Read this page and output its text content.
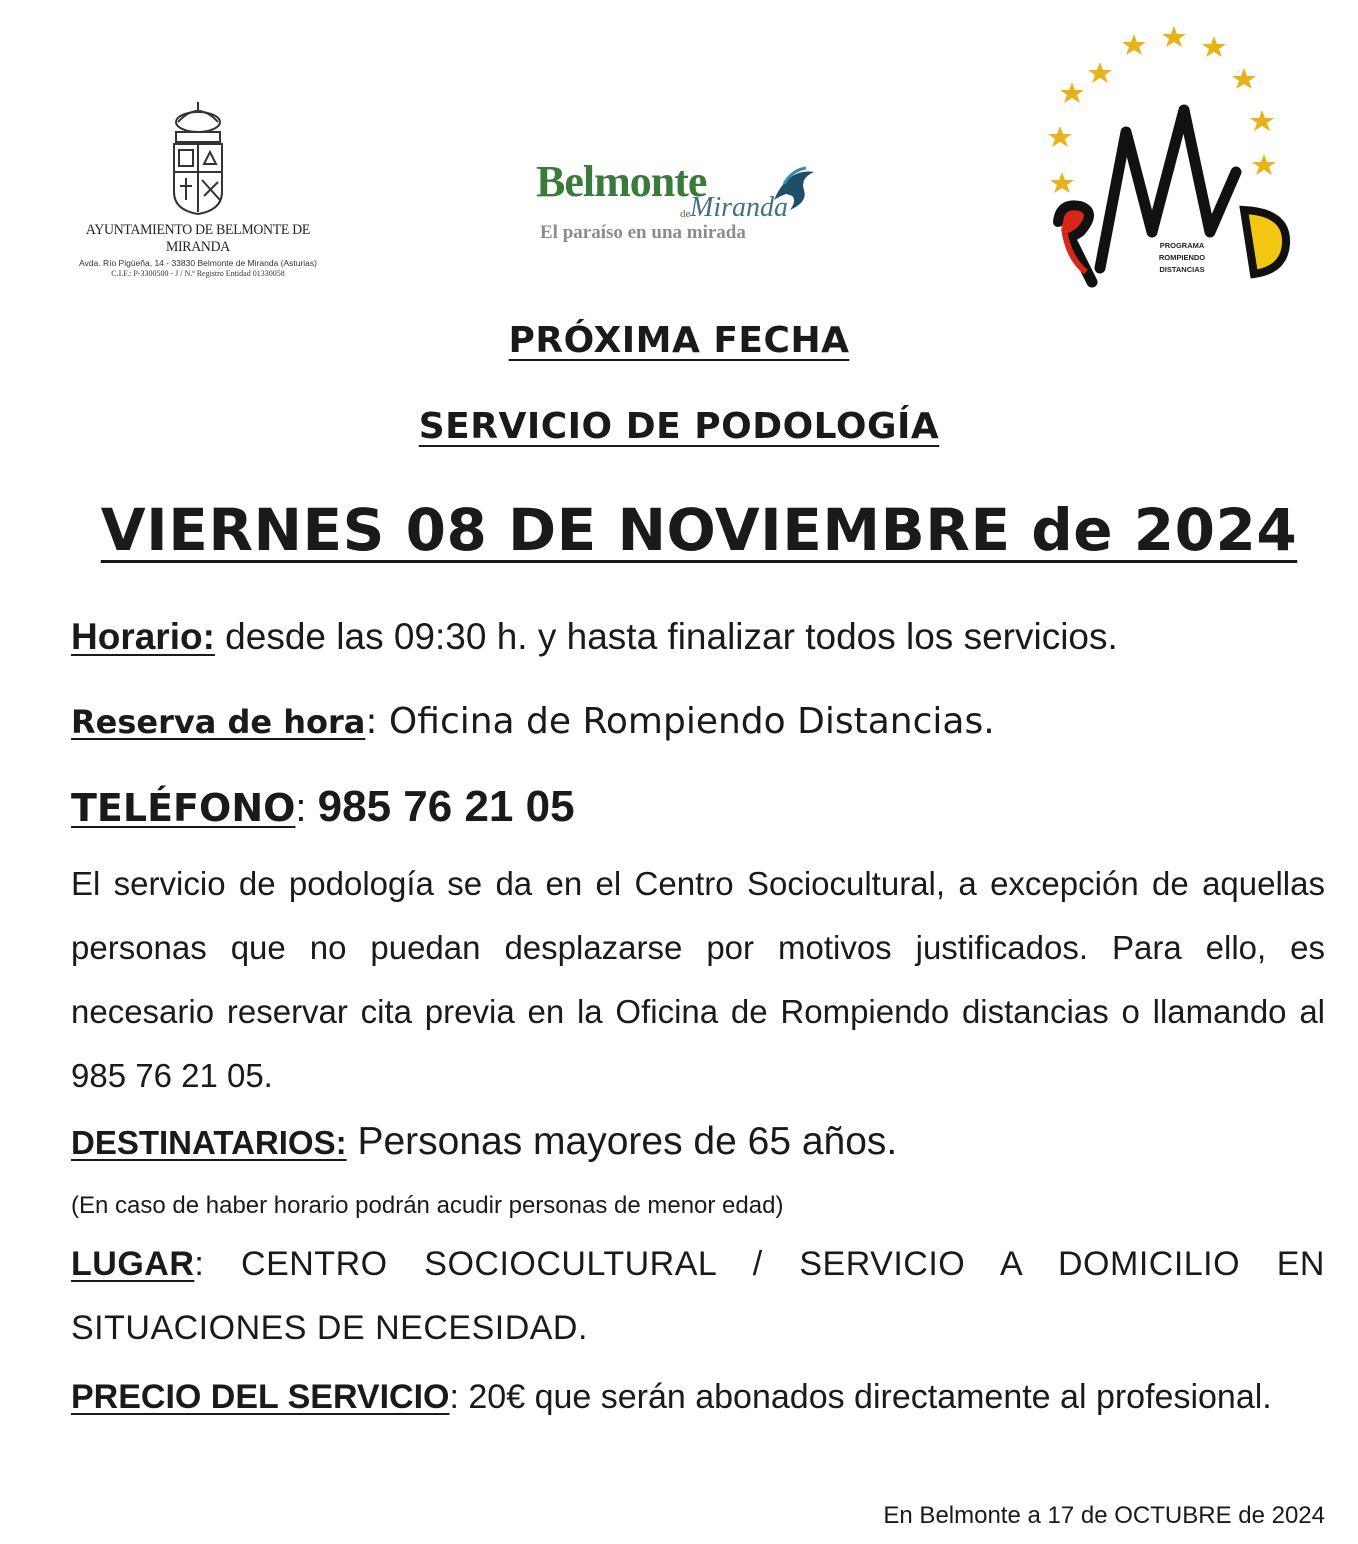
AYUNTAMIENTO DE BELMONTE DE MIRANDA
Avda. Río Pigüeña, 14 - 33830 Belmonte de Miranda (Asturias)
C.I.F.: P-3300500 - J / N.º Registro Entidad 01330058
Belmonte
Miranda
de
El paraíso en una mirada
PROGRAMA
ROMPIENDO
DISTANCIAS
PRÓXIMA FECHA
SERVICIO DE PODOLOGÍA
VIERNES 08 DE NOVIEMBRE de 2024
Horario: desde las 09:30 h. y hasta finalizar todos los servicios.
Reserva de hora: Oficina de Rompiendo Distancias.
TELÉFONO: 985 76 21 05
El servicio de podología se da en el Centro Sociocultural, a excepción de aquellas personas que no puedan desplazarse por motivos justificados. Para ello, es necesario reservar cita previa en la Oficina de Rompiendo distancias o llamando al 985 76 21 05.
DESTINATARIOS: Personas mayores de 65 años.
(En caso de haber horario podrán acudir personas de menor edad)
LUGAR: CENTRO SOCIOCULTURAL / SERVICIO A DOMICILIO EN SITUACIONES DE NECESIDAD.
PRECIO DEL SERVICIO: 20€ que serán abonados directamente al profesional.
En Belmonte a 17 de OCTUBRE de 2024
